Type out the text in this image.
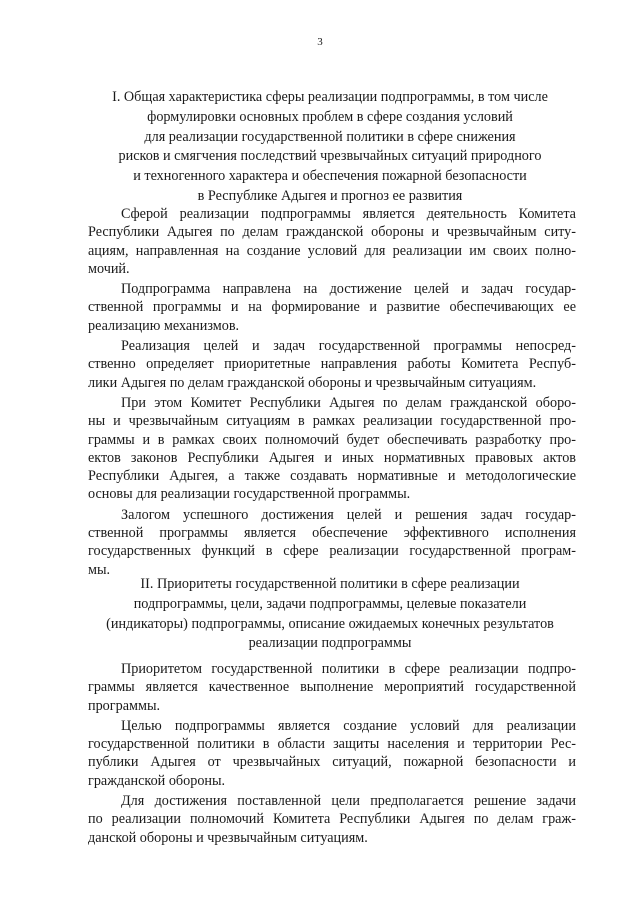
3
I. Общая характеристика сферы реализации подпрограммы, в том числе
формулировки основных проблем в сфере создания условий
для реализации государственной политики в сфере снижения
рисков и смягчения последствий чрезвычайных ситуаций природного
и техногенного характера и обеспечения пожарной безопасности
в Республике Адыгея и прогноз ее развития
Сферой реализации подпрограммы является деятельность Комитета
Республики Адыгея по делам гражданской обороны и чрезвычайным ситу-
ациям, направленная на создание условий для реализации им своих полно-
мочий.
Подпрограмма направлена на достижение целей и задач государ-
ственной программы и на формирование и развитие обеспечивающих ее
реализацию механизмов.
Реализация целей и задач государственной программы непосред-
ственно определяет приоритетные направления работы Комитета Респуб-
лики Адыгея по делам гражданской обороны и чрезвычайным ситуациям.
При этом Комитет Республики Адыгея по делам гражданской оборо-
ны и чрезвычайным ситуациям в рамках реализации государственной про-
граммы и в рамках своих полномочий будет обеспечивать разработку про-
ектов законов Республики Адыгея и иных нормативных правовых актов
Республики Адыгея, а также создавать нормативные и методологические
основы для реализации государственной программы.
Залогом успешного достижения целей и решения задач государ-
ственной программы является обеспечение эффективного исполнения
государственных функций в сфере реализации государственной програм-
мы.
II. Приоритеты государственной политики в сфере реализации
подпрограммы, цели, задачи подпрограммы, целевые показатели
(индикаторы) подпрограммы, описание ожидаемых конечных результатов
реализации подпрограммы
Приоритетом государственной политики в сфере реализации подпро-
граммы является качественное выполнение мероприятий государственной
программы.
Целью подпрограммы является создание условий для реализации
государственной политики в области защиты населения и территории Рес-
публики Адыгея от чрезвычайных ситуаций, пожарной безопасности и
гражданской обороны.
Для достижения поставленной цели предполагается решение задачи
по реализации полномочий Комитета Республики Адыгея по делам граж-
данской обороны и чрезвычайным ситуациям.
